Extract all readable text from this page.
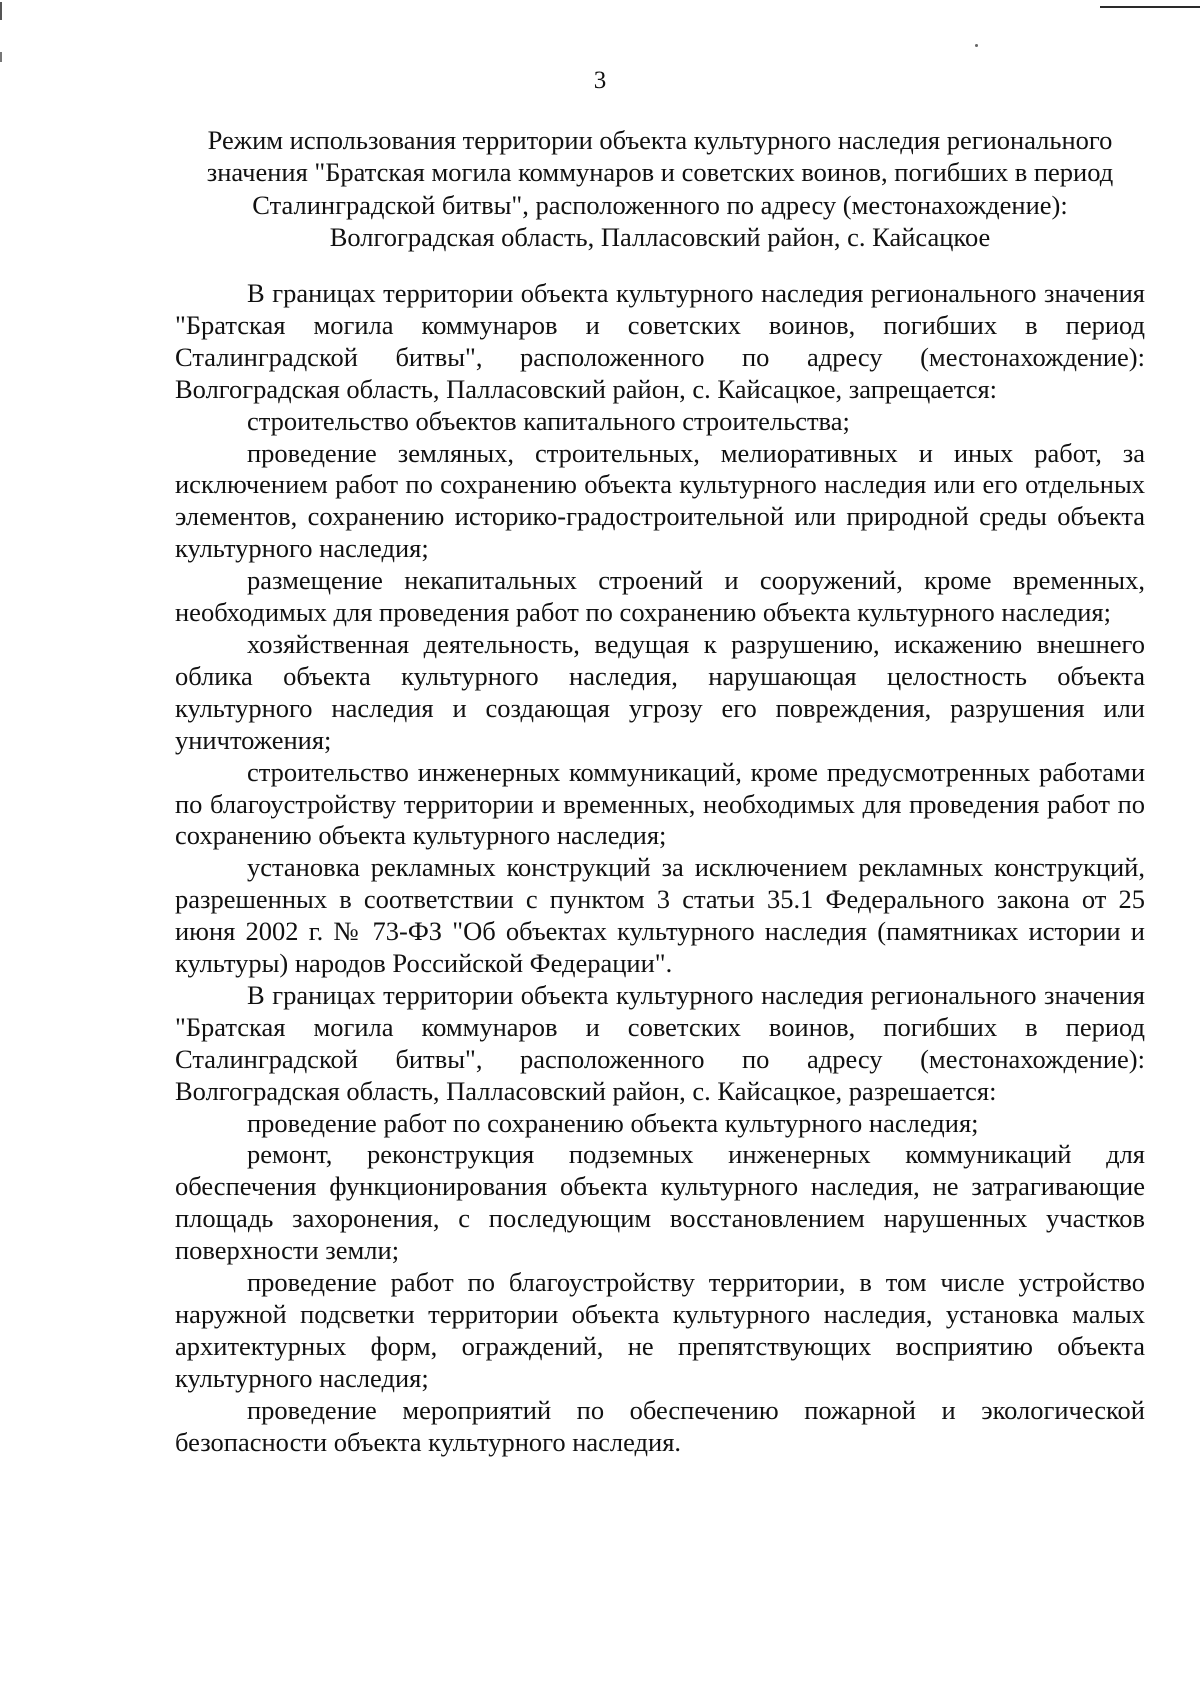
3

Режим использования территории объекта культурного наследия регионального значения "Братская могила коммунаров и советских воинов, погибших в период Сталинградской битвы", расположенного по адресу (местонахождение): Волгоградская область, Палласовский район, с. Кайсацкое

В границах территории объекта культурного наследия регионального значения "Братская могила коммунаров и советских воинов, погибших в период Сталинградской битвы", расположенного по адресу (местонахождение): Волгоградская область, Палласовский район, с. Кайсацкое, запрещается:

строительство объектов капитального строительства;

проведение земляных, строительных, мелиоративных и иных работ, за исключением работ по сохранению объекта культурного наследия или его отдельных элементов, сохранению историко-градостроительной или природной среды объекта культурного наследия;

размещение некапитальных строений и сооружений, кроме временных, необходимых для проведения работ по сохранению объекта культурного наследия;

хозяйственная деятельность, ведущая к разрушению, искажению внешнего облика объекта культурного наследия, нарушающая целостность объекта культурного наследия и создающая угрозу его повреждения, разрушения или уничтожения;

строительство инженерных коммуникаций, кроме предусмотренных работами по благоустройству территории и временных, необходимых для проведения работ по сохранению объекта культурного наследия;

установка рекламных конструкций за исключением рекламных конструкций, разрешенных в соответствии с пунктом 3 статьи 35.1 Федерального закона от 25 июня 2002 г. № 73-ФЗ "Об объектах культурного наследия (памятниках истории и культуры) народов Российской Федерации".

В границах территории объекта культурного наследия регионального значения "Братская могила коммунаров и советских воинов, погибших в период Сталинградской битвы", расположенного по адресу (местонахождение): Волгоградская область, Палласовский район, с. Кайсацкое, разрешается:

проведение работ по сохранению объекта культурного наследия;

ремонт, реконструкция подземных инженерных коммуникаций для обеспечения функционирования объекта культурного наследия, не затрагивающие площадь захоронения, с последующим восстановлением нарушенных участков поверхности земли;

проведение работ по благоустройству территории, в том числе устройство наружной подсветки территории объекта культурного наследия, установка малых архитектурных форм, ограждений, не препятствующих восприятию объекта культурного наследия;

проведение мероприятий по обеспечению пожарной и экологической безопасности объекта культурного наследия.
